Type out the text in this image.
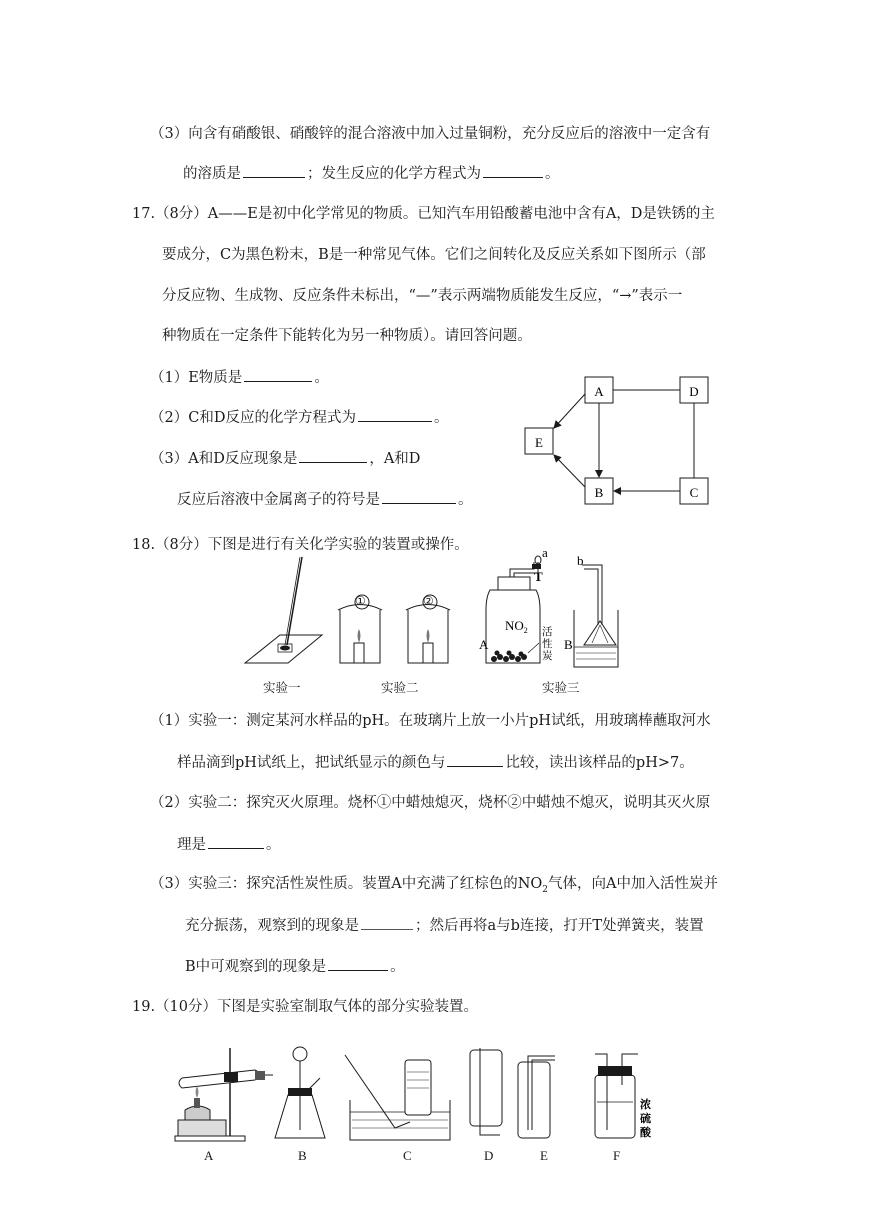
（3）向含有硝酸银、硝酸锌的混合溶液中加入过量铜粉，充分反应后的溶液中一定含有
的溶质是	；发生反应的化学方程式为	。
17.（8分）A——E是初中化学常见的物质。已知汽车用铅酸蓄电池中含有A，D是铁锈的主
要成分，C为黑色粉末，B是一种常见气体。它们之间转化及反应关系如下图所示（部
分反应物、生成物、反应条件未标出，“—”表示两端物质能发生反应，“→”表示一
种物质在一定条件下能转化为另一种物质）。请回答问题。
（1）E物质是	。
（2）C和D反应的化学方程式为	。
（3）A和D反应现象是	，A和D
反应后溶液中金属离子的符号是	。
A	D
E
B	C
18.（8分）下图是进行有关化学实验的装置或操作。
$NO_2$
A
a
T
活
性
炭
b
B
实验一	实验二	实验三
①	②
（1）实验一：测定某河水样品的pH。在玻璃片上放一小片pH试纸，用玻璃棒蘸取河水
样品滴到pH试纸上，把试纸显示的颜色与	比较，读出该样品的pH>7。
（2）实验二：探究灭火原理。烧杯①中蜡烛熄灭，烧杯②中蜡烛不熄灭，说明其灭火原
理是	。
（3）实验三：探究活性炭性质。装置A中充满了红棕色的$NO_2$气体，向A中加入活性炭并
充分振荡，观察到的现象是	；然后再将a与b连接，打开T处弹簧夹，装置
B中可观察到的现象是	。
19.（10分）下图是实验室制取气体的部分实验装置。
浓
硫
酸
A	B	C	D	E	F
